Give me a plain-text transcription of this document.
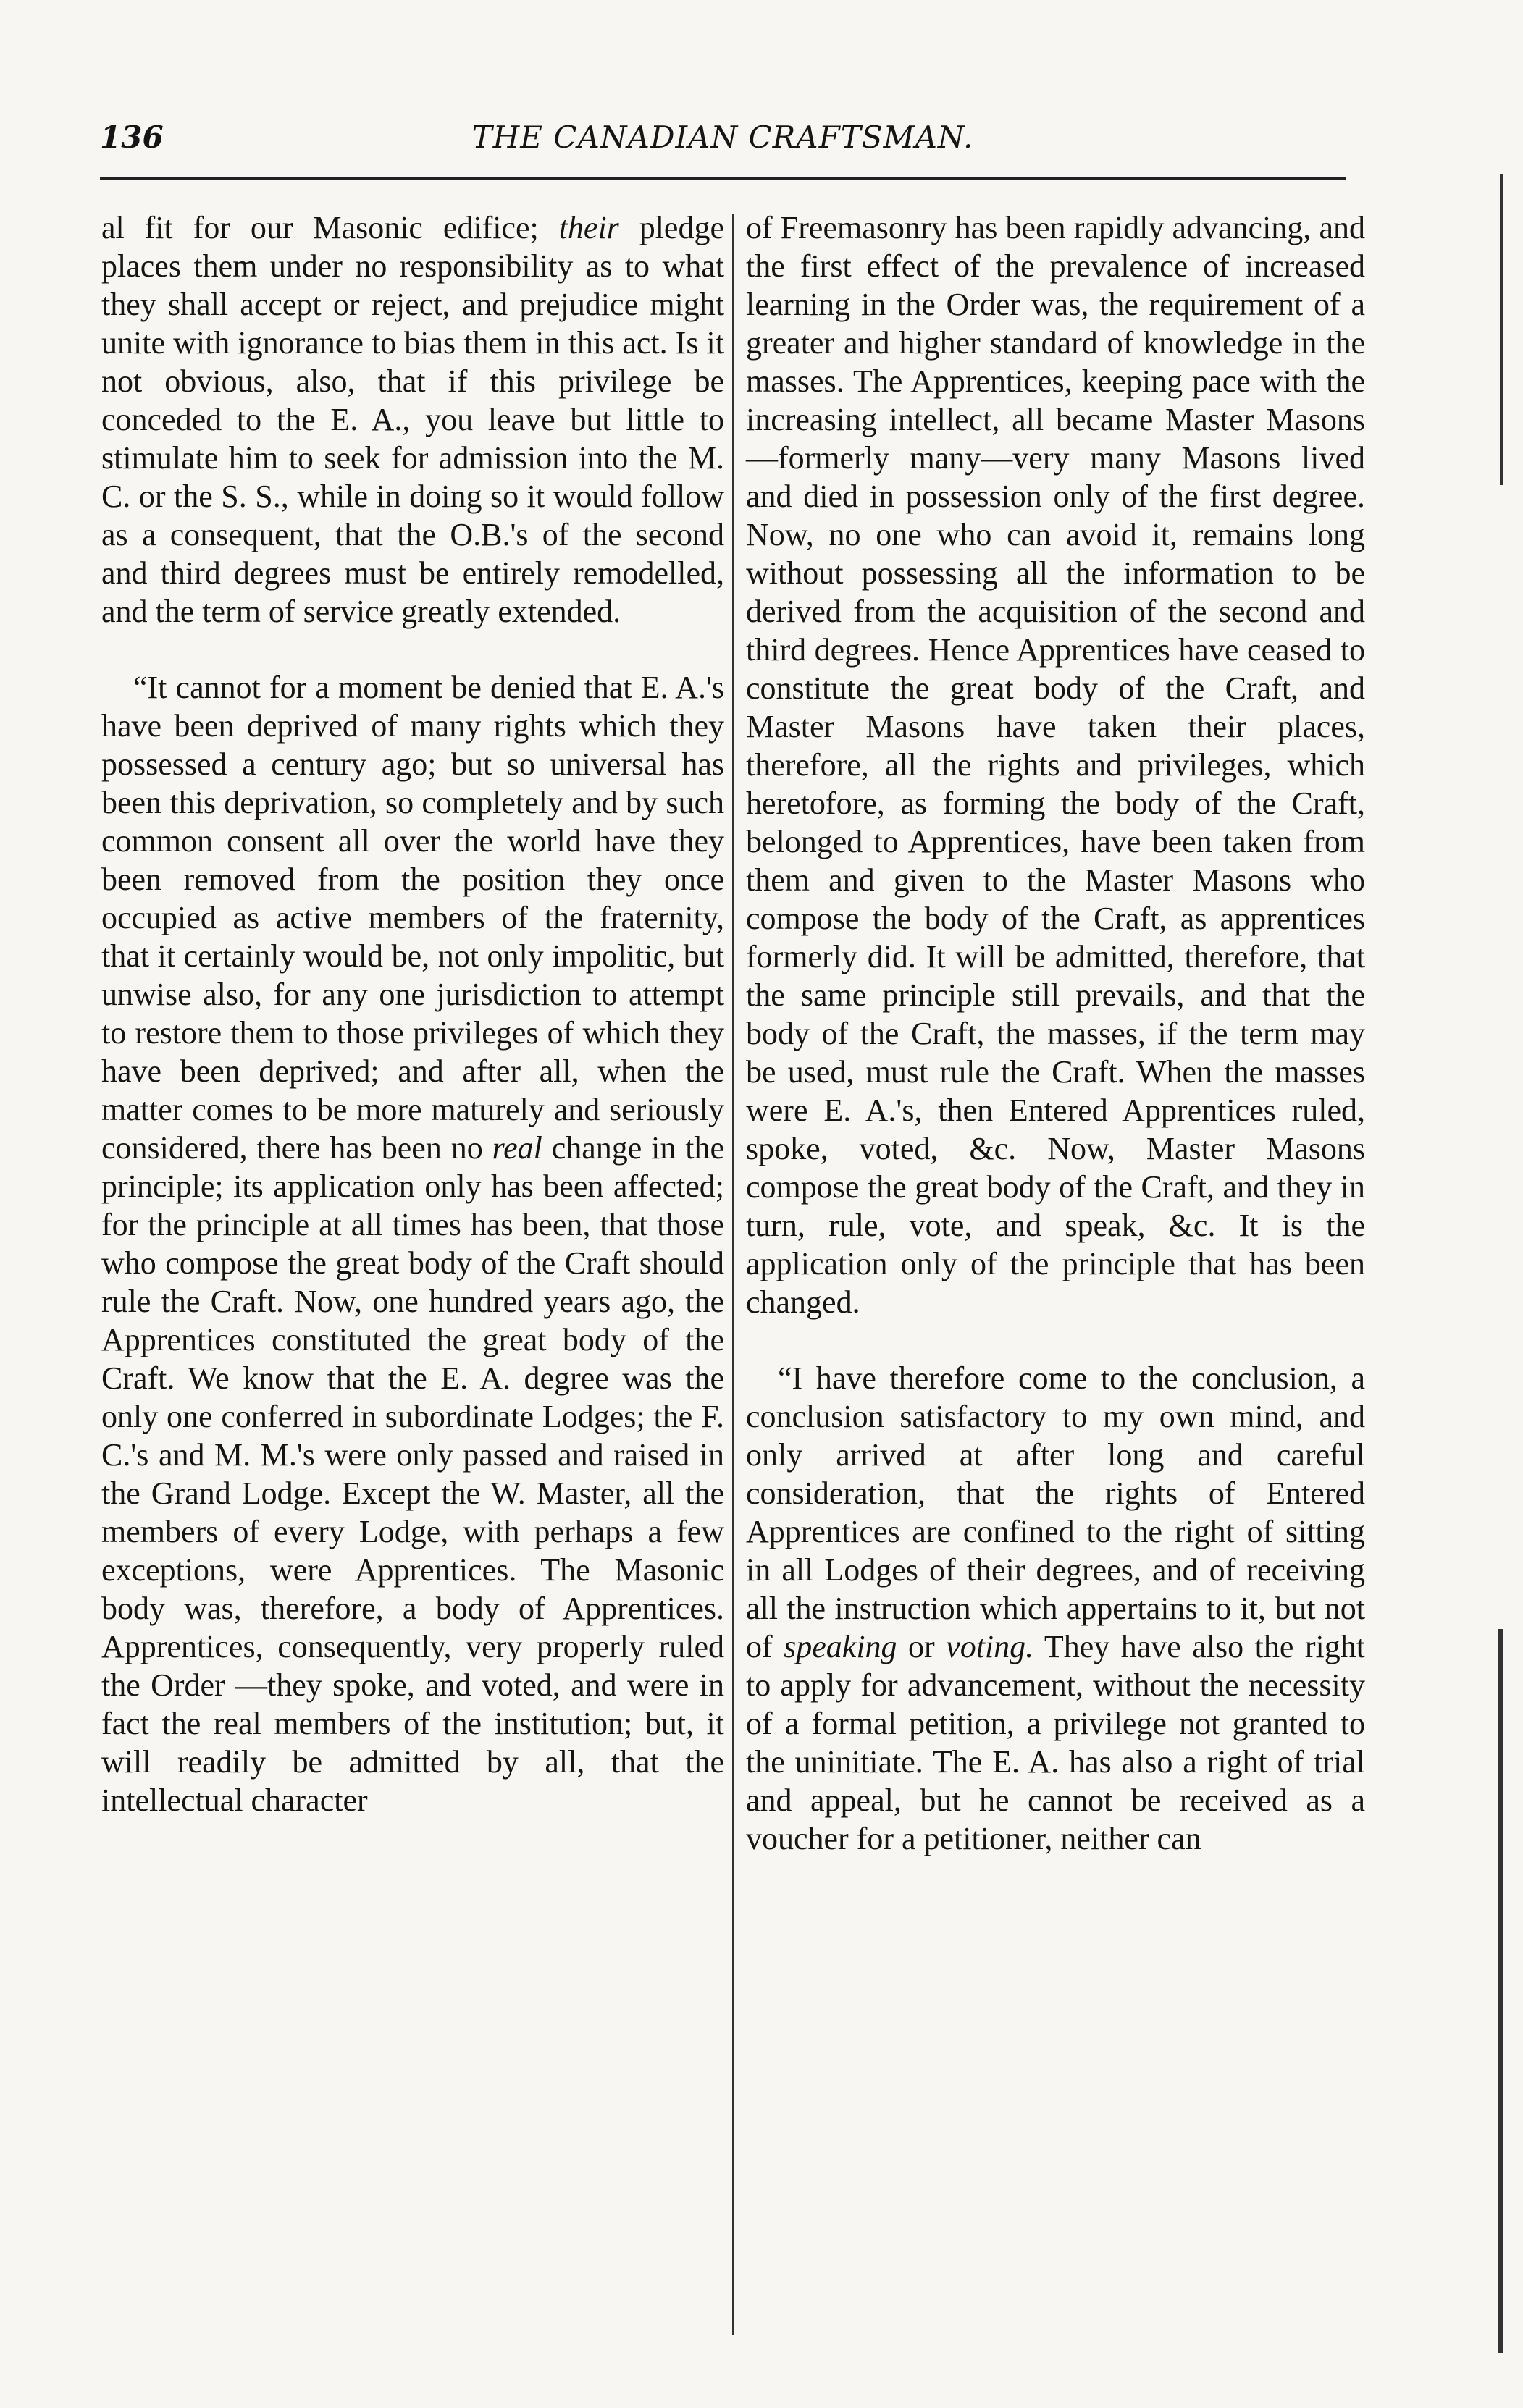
136	THE CANADIAN CRAFTSMAN.

al fit for our Masonic edifice; their pledge places them under no responsibility as to what they shall accept or reject, and prejudice might unite with ignorance to bias them in this act. Is it not obvious, also, that if this privilege be conceded to the E. A., you leave but little to stimulate him to seek for admission into the M. C. or the S. S., while in doing so it would follow as a consequent, that the O.B.'s of the second and third degrees must be entirely remodelled, and the term of service greatly extended.

“It cannot for a moment be denied that E. A.'s have been deprived of many rights which they possessed a century ago; but so universal has been this deprivation, so completely and by such common consent all over the world have they been removed from the position they once occupied as active members of the fraternity, that it certainly would be, not only impolitic, but unwise also, for any one jurisdiction to attempt to restore them to those privileges of which they have been deprived; and after all, when the matter comes to be more maturely and seriously considered, there has been no real change in the principle; its application only has been affected; for the principle at all times has been, that those who compose the great body of the Craft should rule the Craft. Now, one hundred years ago, the Apprentices constituted the great body of the Craft. We know that the E. A. degree was the only one conferred in subordinate Lodges; the F. C.'s and M. M.'s were only passed and raised in the Grand Lodge. Except the W. Master, all the members of every Lodge, with perhaps a few exceptions, were Apprentices. The Masonic body was, therefore, a body of Apprentices. Apprentices, consequently, very properly ruled the Order —they spoke, and voted, and were in fact the real members of the institution; but, it will readily be admitted by all, that the intellectual character

of Freemasonry has been rapidly advancing, and the first effect of the prevalence of increased learning in the Order was, the requirement of a greater and higher standard of knowledge in the masses. The Apprentices, keeping pace with the increasing intellect, all became Master Masons—formerly many—very many Masons lived and died in possession only of the first degree. Now, no one who can avoid it, remains long without possessing all the information to be derived from the acquisition of the second and third degrees. Hence Apprentices have ceased to constitute the great body of the Craft, and Master Masons have taken their places, therefore, all the rights and privileges, which heretofore, as forming the body of the Craft, belonged to Apprentices, have been taken from them and given to the Master Masons who compose the body of the Craft, as apprentices formerly did. It will be admitted, therefore, that the same principle still prevails, and that the body of the Craft, the masses, if the term may be used, must rule the Craft. When the masses were E. A.'s, then Entered Apprentices ruled, spoke, voted, &c. Now, Master Masons compose the great body of the Craft, and they in turn, rule, vote, and speak, &c. It is the application only of the principle that has been changed.

“I have therefore come to the conclusion, a conclusion satisfactory to my own mind, and only arrived at after long and careful consideration, that the rights of Entered Apprentices are confined to the right of sitting in all Lodges of their degrees, and of receiving all the instruction which appertains to it, but not of speaking or voting. They have also the right to apply for advancement, without the necessity of a formal petition, a privilege not granted to the uninitiate. The E. A. has also a right of trial and appeal, but he cannot be received as a voucher for a petitioner, neither can
